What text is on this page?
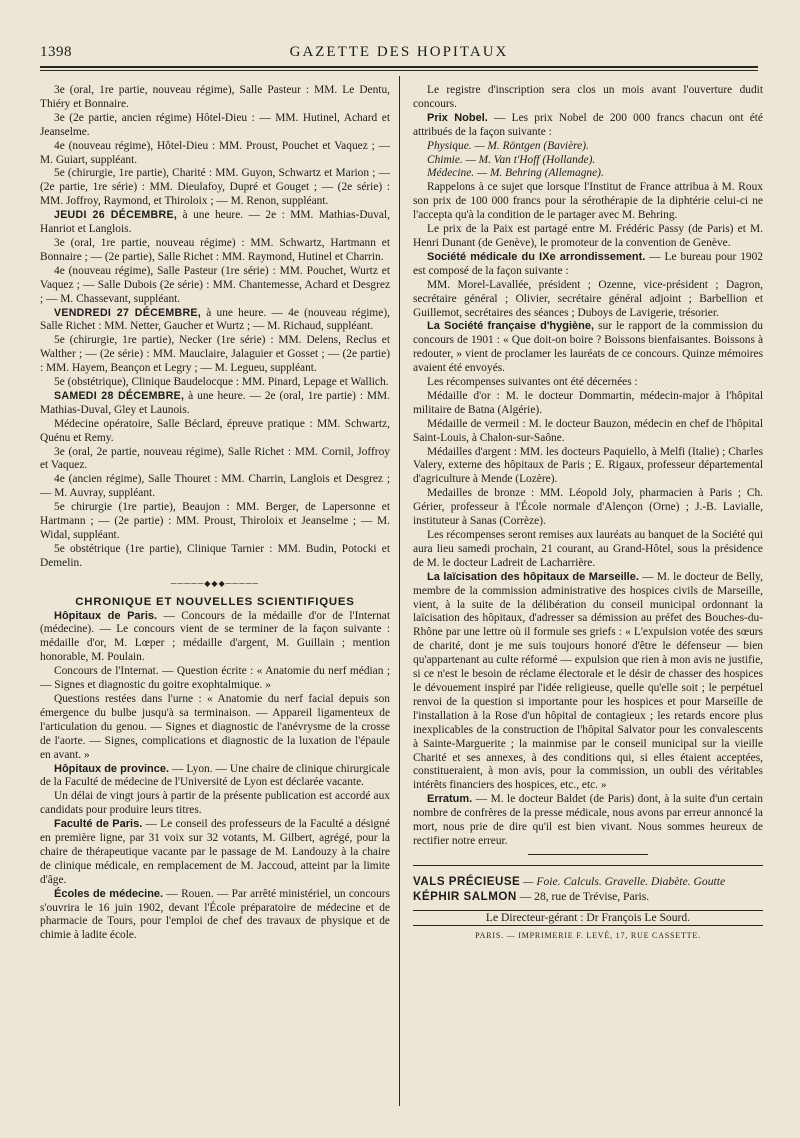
1398	GAZETTE DES HOPITAUX

3e (oral, 1re partie, nouveau régime), Salle Pasteur : MM. Le Dentu, Thiéry et Bonnaire.

3e (2e partie, ancien régime) Hôtel-Dieu : — MM. Hutinel, Achard et Jeanselme.

4e (nouveau régime), Hôtel-Dieu : MM. Proust, Pouchet et Vaquez ; — M. Guiart, suppléant.

5e (chirurgie, 1re partie), Charité : MM. Guyon, Schwartz et Marion ; — (2e partie, 1re série) : MM. Dieulafoy, Dupré et Gouget ; — (2e série) : MM. Joffroy, Raymond, et Thiroloix ; — M. Renon, suppléant.

JEUDI 26 DÉCEMBRE, à une heure. — 2e : MM. Mathias-Duval, Hanriot et Langlois.

3e (oral, 1re partie, nouveau régime) : MM. Schwartz, Hartmann et Bonnaire ; — (2e partie), Salle Richet : MM. Raymond, Hutinel et Charrin.

4e (nouveau régime), Salle Pasteur (1re série) : MM. Pouchet, Wurtz et Vaquez ; — Salle Dubois (2e série) : MM. Chantemesse, Achard et Desgrez ; — M. Chassevant, suppléant.

VENDREDI 27 DÉCEMBRE, à une heure. — 4e (nouveau régime), Salle Richet : MM. Netter, Gaucher et Wurtz ; — M. Richaud, suppléant.

5e (chirurgie, 1re partie), Necker (1re série) : MM. Delens, Reclus et Walther ; — (2e série) : MM. Mauclaire, Jalaguier et Gosset ; — (2e partie) : MM. Hayem, Beançon et Legry ; — M. Legueu, suppléant.

5e (obstétrique), Clinique Baudelocque : MM. Pinard, Lepage et Wallich.

SAMEDI 28 DÉCEMBRE, à une heure. — 2e (oral, 1re partie) : MM. Mathias-Duval, Gley et Launois.

Médecine opératoire, Salle Béclard, épreuve pratique : MM. Schwartz, Quénu et Remy.

3e (oral, 2e partie, nouveau régime), Salle Richet : MM. Cornil, Joffroy et Vaquez.

4e (ancien régime), Salle Thouret : MM. Charrin, Langlois et Desgrez ; — M. Auvray, suppléant.

5e chirurgie (1re partie), Beaujon : MM. Berger, de Lapersonne et Hartmann ; — (2e partie) : MM. Proust, Thiroloix et Jeanselme ; — M. Widal, suppléant.

5e obstétrique (1re partie), Clinique Tarnier : MM. Budin, Potocki et Demelin.

─────◆◆◆─────

CHRONIQUE ET NOUVELLES SCIENTIFIQUES

Hôpitaux de Paris. — Concours de la médaille d'or de l'Internat (médecine). — Le concours vient de se terminer de la façon suivante : médaille d'or, M. Lœper ; médaille d'argent, M. Guillain ; mention honorable, M. Poulain.

Concours de l'Internat. — Question écrite : « Anatomie du nerf médian ; — Signes et diagnostic du goitre exophtalmique. »

Questions restées dans l'urne : « Anatomie du nerf facial depuis son émergence du bulbe jusqu'à sa terminaison. — Appareil ligamenteux de l'articulation du genou. — Signes et diagnostic de l'anévrysme de la crosse de l'aorte. — Signes, complications et diagnostic de la luxation de l'épaule en avant. »

Hôpitaux de province. — Lyon. — Une chaire de clinique chirurgicale de la Faculté de médecine de l'Université de Lyon est déclarée vacante.

Un délai de vingt jours à partir de la présente publication est accordé aux candidats pour produire leurs titres.

Faculté de Paris. — Le conseil des professeurs de la Faculté a désigné en première ligne, par 31 voix sur 32 votants, M. Gilbert, agrégé, pour la chaire de thérapeutique vacante par le passage de M. Landouzy à la chaire de clinique médicale, en remplacement de M. Jaccoud, atteint par la limite d'âge.

Écoles de médecine. — Rouen. — Par arrêté ministériel, un concours s'ouvrira le 16 juin 1902, devant l'École préparatoire de médecine et de pharmacie de Tours, pour l'emploi de chef des travaux de physique et de chimie à ladite école.

Le registre d'inscription sera clos un mois avant l'ouverture dudit concours.

Prix Nobel. — Les prix Nobel de 200 000 francs chacun ont été attribués de la façon suivante :

Physique. — M. Röntgen (Bavière).

Chimie. — M. Van t'Hoff (Hollande).

Médecine. — M. Behring (Allemagne).

Rappelons à ce sujet que lorsque l'Institut de France attribua à M. Roux son prix de 100 000 francs pour la sérothérapie de la diphtérie celui-ci ne l'accepta qu'à la condition de le partager avec M. Behring.

Le prix de la Paix est partagé entre M. Frédéric Passy (de Paris) et M. Henri Dunant (de Genève), le promoteur de la convention de Genève.

Société médicale du IXe arrondissement. — Le bureau pour 1902 est composé de la façon suivante :

MM. Morel-Lavallée, président ; Ozenne, vice-président ; Dagron, secrétaire général ; Olivier, secrétaire général adjoint ; Barbellion et Guillemot, secrétaires des séances ; Duboys de Lavigerie, trésorier.

La Société française d'hygiène, sur le rapport de la commission du concours de 1901 : « Que doit-on boire ? Boissons bienfaisantes. Boissons à redouter, » vient de proclamer les lauréats de ce concours. Quinze mémoires avaient été envoyés.

Les récompenses suivantes ont été décernées :

Médaille d'or : M. le docteur Dommartin, médecin-major à l'hôpital militaire de Batna (Algérie).

Médaille de vermeil : M. le docteur Bauzon, médecin en chef de l'hôpital Saint-Louis, à Chalon-sur-Saône.

Médailles d'argent : MM. les docteurs Paquiello, à Melfi (Italie) ; Charles Valery, externe des hôpitaux de Paris ; E. Rigaux, professeur départemental d'agriculture à Mende (Lozère).

Medailles de bronze : MM. Léopold Joly, pharmacien à Paris ; Ch. Gérier, professeur à l'École normale d'Alençon (Orne) ; J.-B. Lavialle, instituteur à Sanas (Corrèze).

Les récompenses seront remises aux lauréats au banquet de la Société qui aura lieu samedi prochain, 21 courant, au Grand-Hôtel, sous la présidence de M. le docteur Ladreit de Lacharrière.

La laïcisation des hôpitaux de Marseille. — M. le docteur de Belly, membre de la commission administrative des hospices civils de Marseille, vient, à la suite de la délibération du conseil municipal ordonnant la laïcisation des hôpitaux, d'adresser sa démission au préfet des Bouches-du-Rhône par une lettre où il formule ses griefs : « L'expulsion votée des sœurs de charité, dont je me suis toujours honoré d'être le défenseur — bien qu'appartenant au culte réformé — expulsion que rien à mon avis ne justifie, si ce n'est le besoin de réclame électorale et le désir de chasser des hospices le dévouement inspiré par l'idée religieuse, quelle qu'elle soit ; le perpétuel renvoi de la question si importante pour les hospices et pour Marseille de l'installation à la Rose d'un hôpital de contagieux ; les retards encore plus inexplicables de la construction de l'hôpital Salvator pour les convalescents à Sainte-Marguerite ; la mainmise par le conseil municipal sur la vieille Charité et ses annexes, à des conditions qui, si elles étaient acceptées, constitueraient, à mon avis, pour la commission, un oubli des véritables intérêts financiers des hospices, etc., etc. »

Erratum. — M. le docteur Baldet (de Paris) dont, à la suite d'un certain nombre de confrères de la presse médicale, nous avons par erreur annoncé la mort, nous prie de dire qu'il est bien vivant. Nous sommes heureux de rectifier notre erreur.

VALS PRÉCIEUSE — Foie. Calculs. Gravelle. Diabète. Goutte

KÉPHIR SALMON — 28, rue de Trévise, Paris.

Le Directeur-gérant : Dr François Le Sourd.

PARIS. — IMPRIMERIE F. LEVÉ, 17, RUE CASSETTE.
